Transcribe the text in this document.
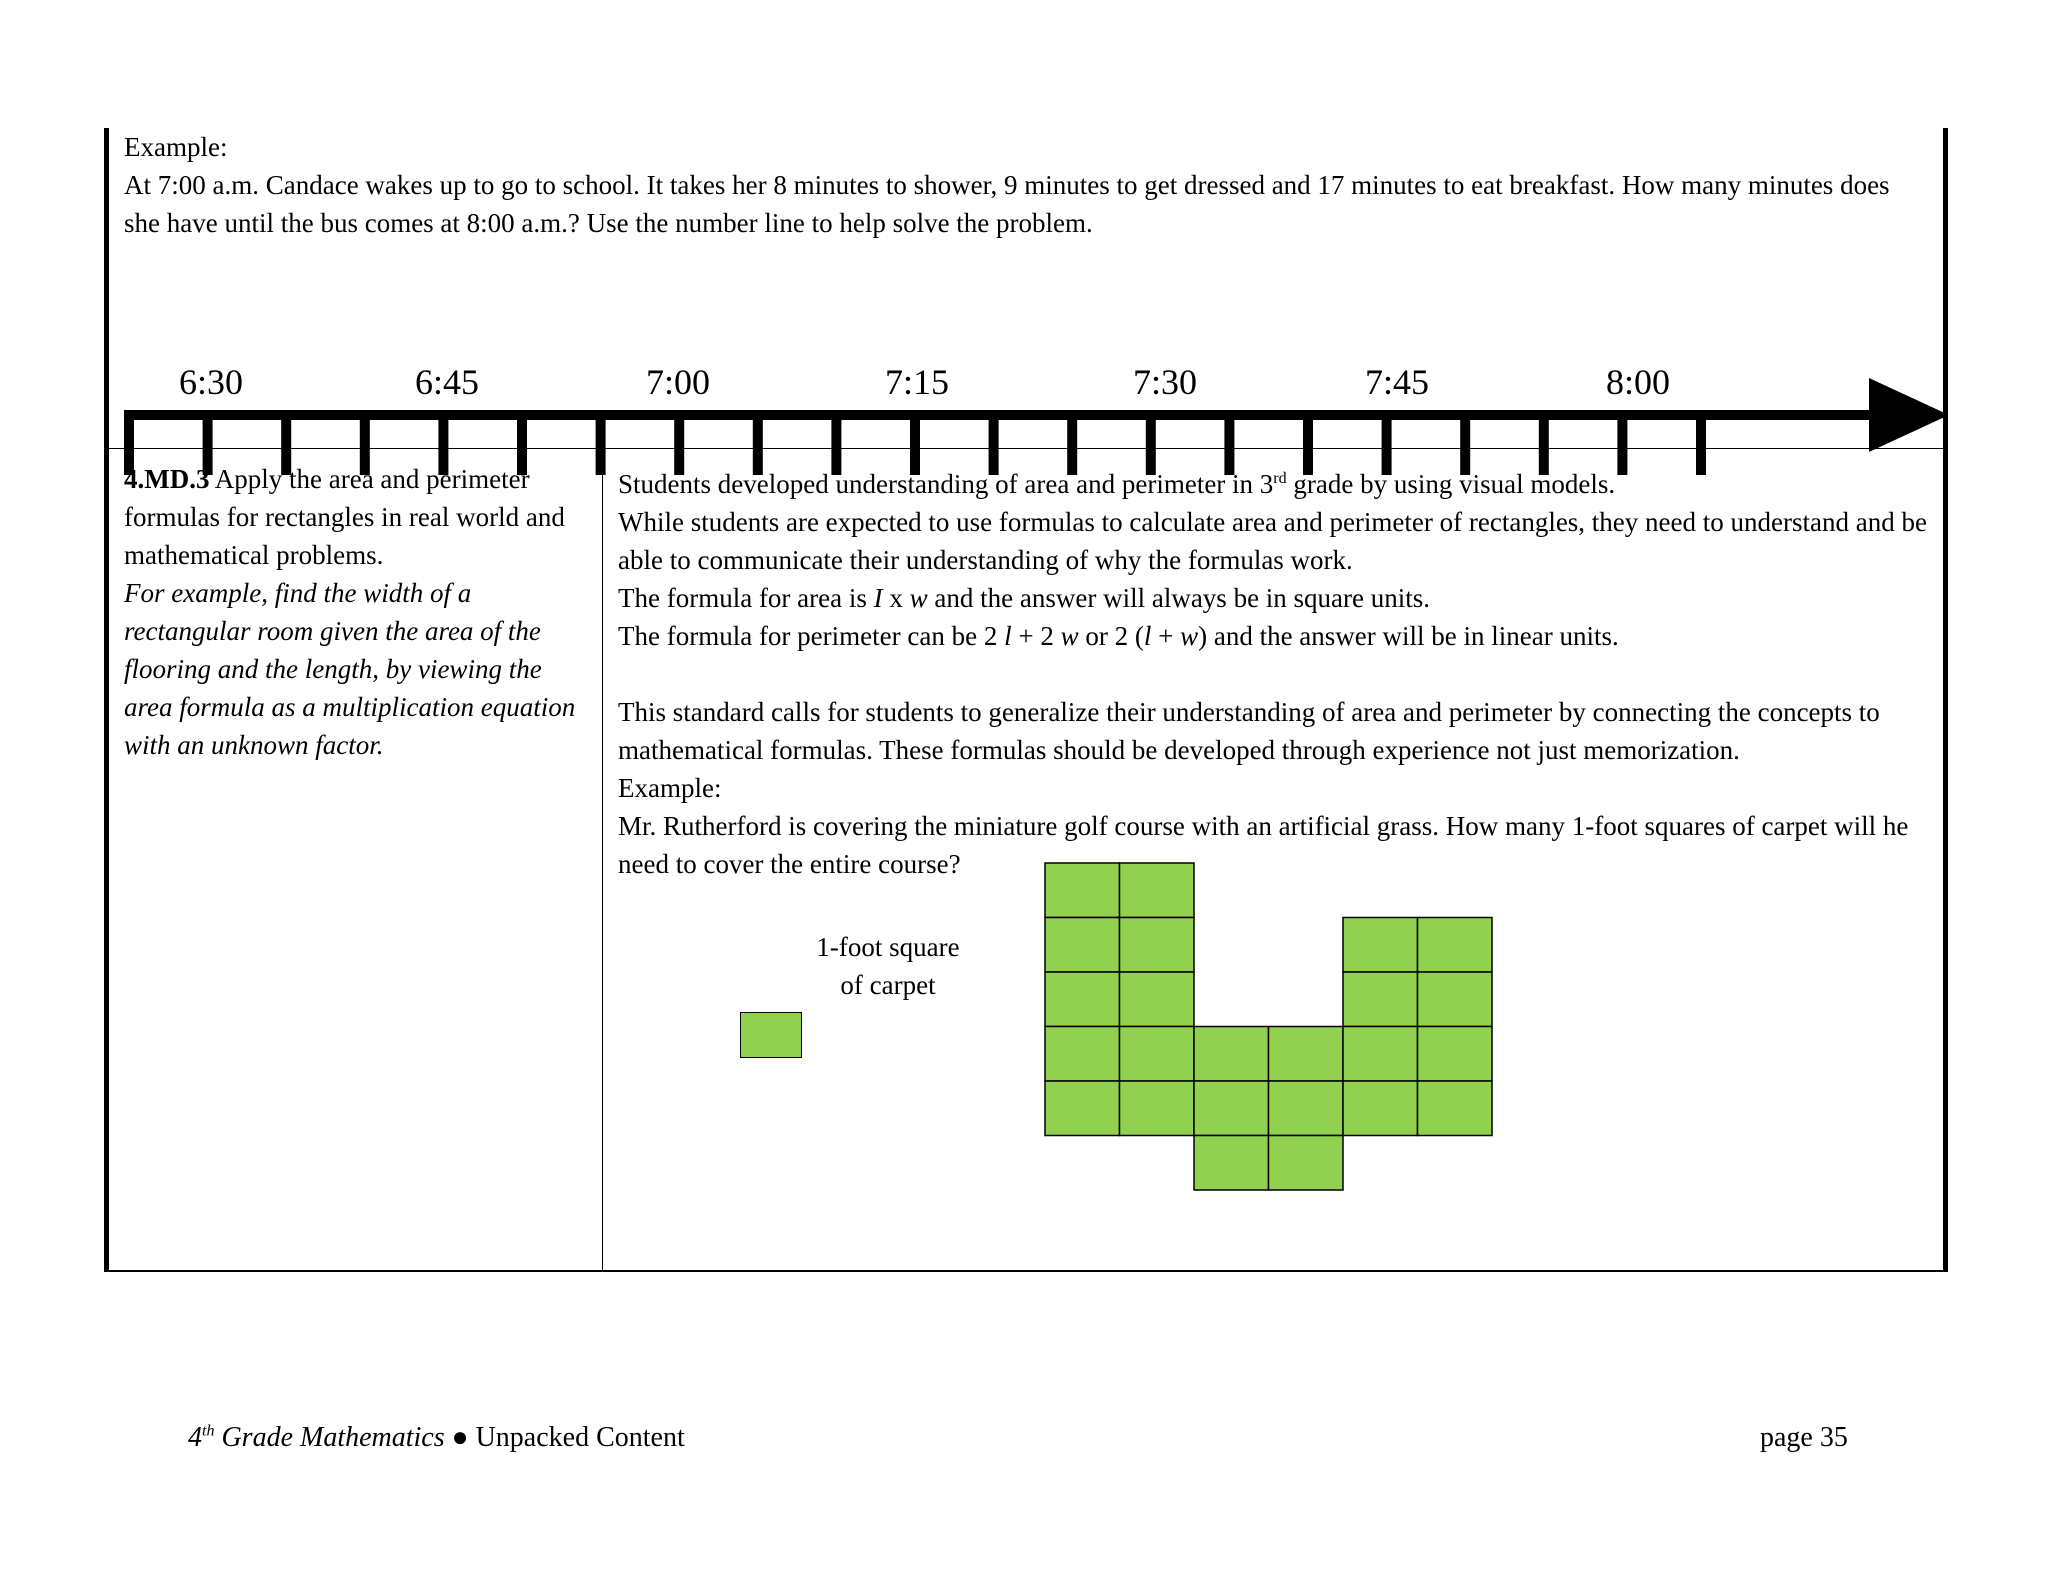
Example:
At 7:00 a.m. Candace wakes up to go to school. It takes her 8 minutes to shower, 9 minutes to get dressed and 17 minutes to eat breakfast. How many minutes does she have until the bus comes at 8:00 a.m.? Use the number line to help solve the problem.
6:30	6:45	7:00	7:15	7:30	7:45	8:00
4.MD.3 Apply the area and perimeter formulas for rectangles in real world and mathematical problems.
For example, find the width of a rectangular room given the area of the flooring and the length, by viewing the area formula as a multiplication equation with an unknown factor.

Students developed understanding of area and perimeter in 3rd grade by using visual models.

While students are expected to use formulas to calculate area and perimeter of rectangles, they need to understand and be able to communicate their understanding of why the formulas work.

The formula for area is I x w and the answer will always be in square units.

The formula for perimeter can be 2 l + 2 w or 2 (l + w) and the answer will be in linear units.

This standard calls for students to generalize their understanding of area and perimeter by connecting the concepts to mathematical formulas. These formulas should be developed through experience not just memorization.

Example:

Mr. Rutherford is covering the miniature golf course with an artificial grass. How many 1-foot squares of carpet will he need to cover the entire course?

1-foot square
of carpet
4th Grade Mathematics ● Unpacked Content	page 35
